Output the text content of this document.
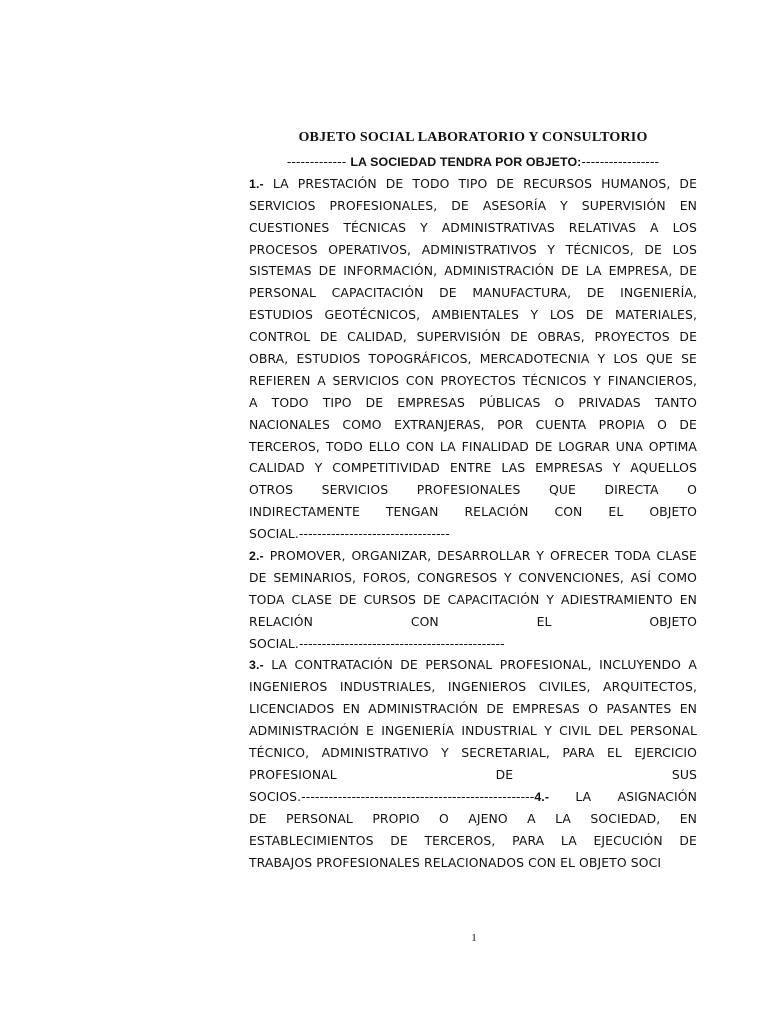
OBJETO SOCIAL LABORATORIO Y CONSULTORIO
------------- LA SOCIEDAD TENDRA POR OBJETO:-----------------
1.- LA PRESTACIÓN DE TODO TIPO DE RECURSOS HUMANOS, DE
SERVICIOS PROFESIONALES, DE ASESORÍA Y SUPERVISIÓN EN
CUESTIONES TÉCNICAS Y ADMINISTRATIVAS RELATIVAS A LOS
PROCESOS OPERATIVOS, ADMINISTRATIVOS Y TÉCNICOS, DE LOS
SISTEMAS DE INFORMACIÓN, ADMINISTRACIÓN DE LA EMPRESA, DE
PERSONAL CAPACITACIÓN DE MANUFACTURA, DE INGENIERÍA,
ESTUDIOS GEOTÉCNICOS, AMBIENTALES Y LOS DE MATERIALES,
CONTROL DE CALIDAD, SUPERVISIÓN DE OBRAS, PROYECTOS DE
OBRA, ESTUDIOS TOPOGRÁFICOS, MERCADOTECNIA Y LOS QUE SE
REFIEREN A SERVICIOS CON PROYECTOS TÉCNICOS Y FINANCIEROS,
A TODO TIPO DE EMPRESAS PÚBLICAS O PRIVADAS TANTO
NACIONALES COMO EXTRANJERAS, POR CUENTA PROPIA O DE
TERCEROS, TODO ELLO CON LA FINALIDAD DE LOGRAR UNA OPTIMA
CALIDAD Y COMPETITIVIDAD ENTRE LAS EMPRESAS Y AQUELLOS
OTROS SERVICIOS PROFESIONALES QUE DIRECTA O
INDIRECTAMENTE TENGAN RELACIÓN CON EL OBJETO
SOCIAL.---------------------------------
2.- PROMOVER, ORGANIZAR, DESARROLLAR Y OFRECER TODA CLASE
DE SEMINARIOS, FOROS, CONGRESOS Y CONVENCIONES, ASÍ COMO
TODA CLASE DE CURSOS DE CAPACITACIÓN Y ADIESTRAMIENTO EN
RELACIÓN CON EL OBJETO
SOCIAL.---------------------------------------------
3.- LA CONTRATACIÓN DE PERSONAL PROFESIONAL, INCLUYENDO A
INGENIEROS INDUSTRIALES, INGENIEROS CIVILES, ARQUITECTOS,
LICENCIADOS EN ADMINISTRACIÓN DE EMPRESAS O PASANTES EN
ADMINISTRACIÓN E INGENIERÍA INDUSTRIAL Y CIVIL DEL PERSONAL
TÉCNICO, ADMINISTRATIVO Y SECRETARIAL, PARA EL EJERCICIO
PROFESIONAL DE SUS
SOCIOS.---------------------------------------------------4.- LA ASIGNACIÓN
DE PERSONAL PROPIO O AJENO A LA SOCIEDAD, EN
ESTABLECIMIENTOS DE TERCEROS, PARA LA EJECUCIÓN DE
TRABAJOS PROFESIONALES RELACIONADOS CON EL OBJETO SOCI
1
